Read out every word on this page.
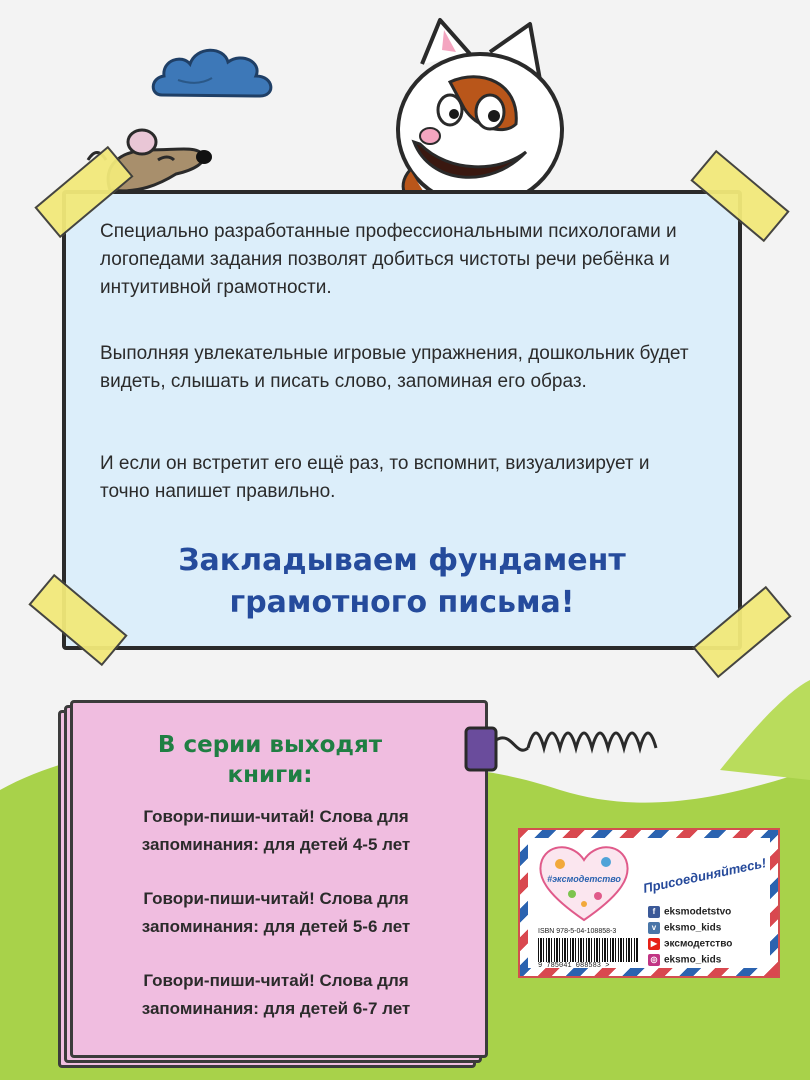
Специально разработанные профессиональными психологами и логопедами задания позволят добиться чистоты речи ребёнка и интуитивной грамотности.

Выполняя увлекательные игровые упражнения, дошкольник будет видеть, слышать и писать слово, запоминая его образ.

И если он встретит его ещё раз, то вспомнит, визуализирует и точно напишет правильно.

Закладываем фундамент
грамотного письма!

В серии выходят
книги:

Говори-пиши-читай! Слова для
запоминания: для детей 4-5 лет

Говори-пиши-читай! Слова для
запоминания: для детей 5-6 лет

Говори-пиши-читай! Слова для
запоминания: для детей 6-7 лет

#эксмодетство Присоединяйтесь!
f eksmodetstvo
v eksmo_kids
▶ эксмодетство
◎ eksmo_kids
ISBN 978-5-04-108858-3
9 785041 088583 >
